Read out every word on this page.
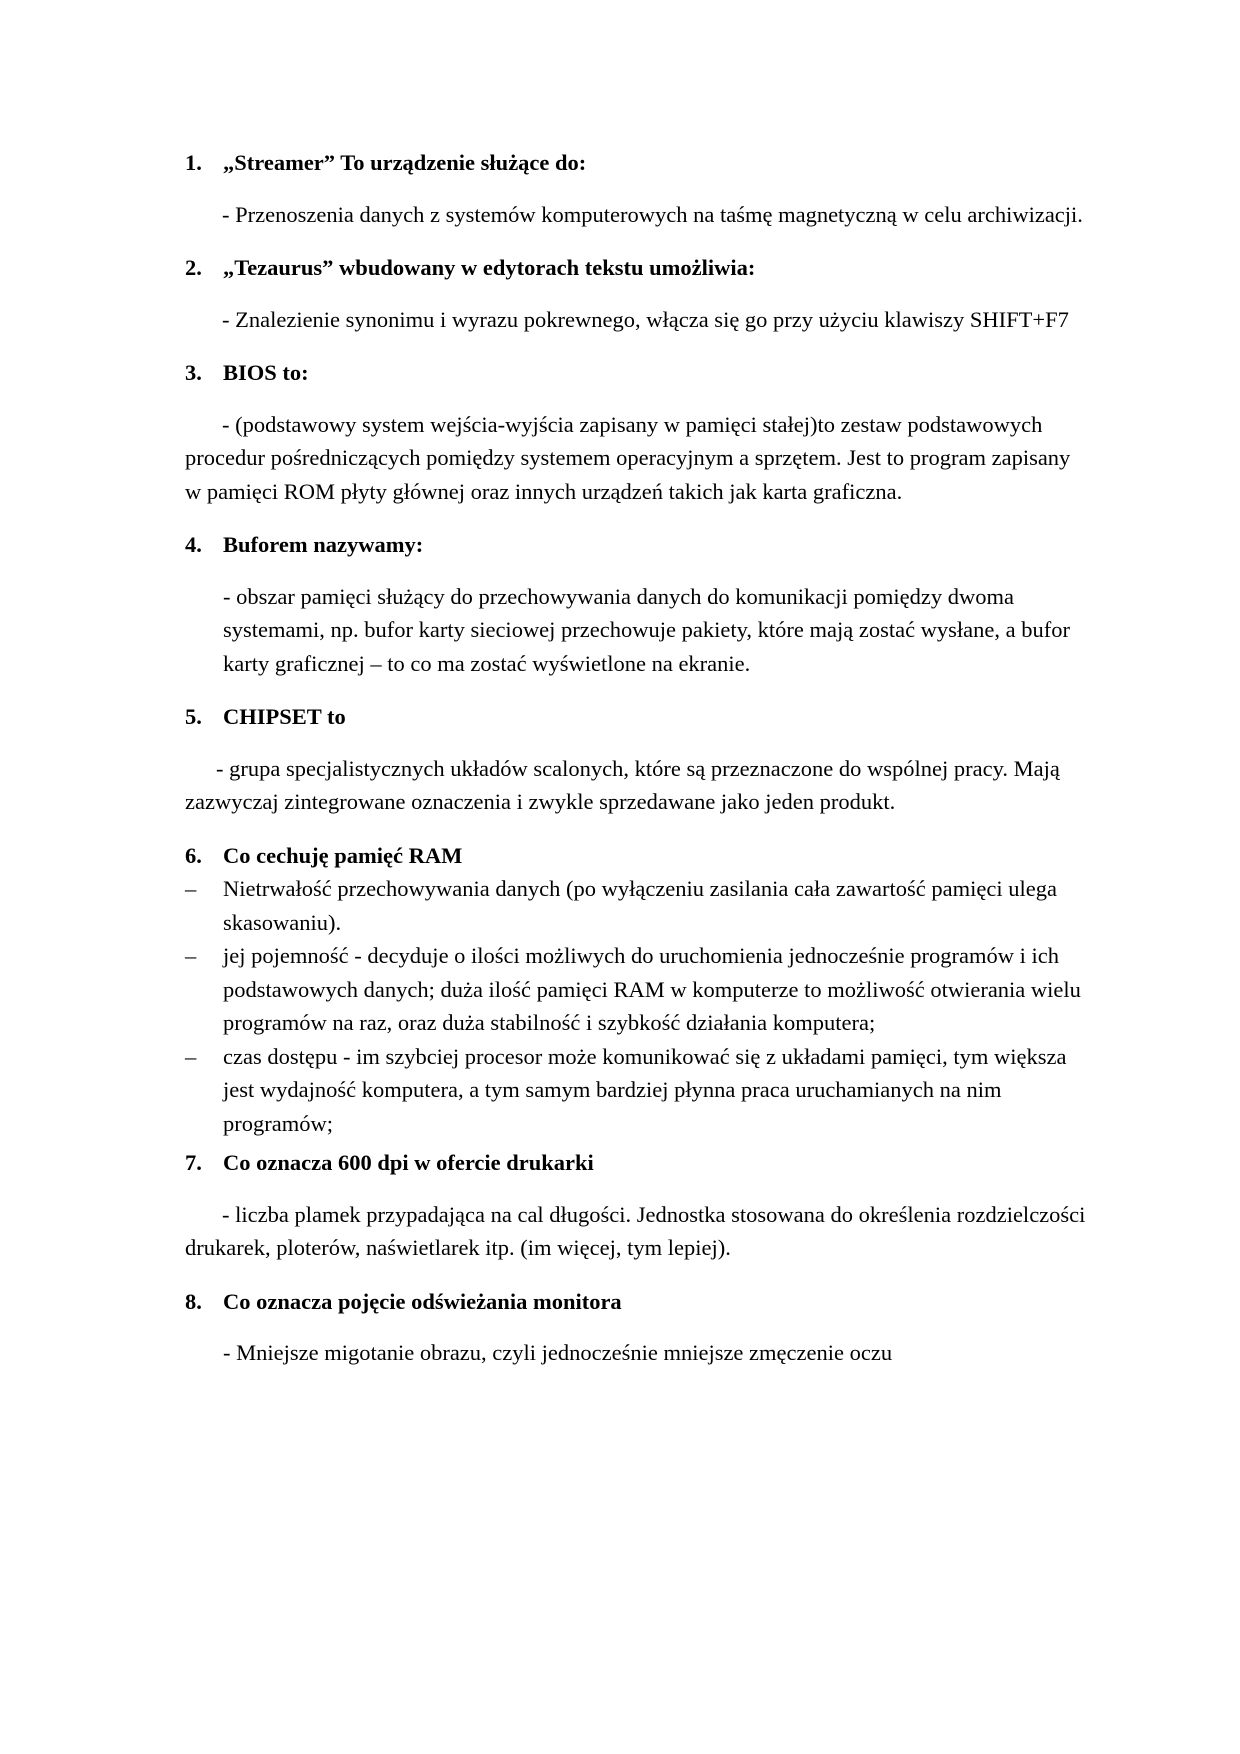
1. „Streamer” To urządzenie służące do:

- Przenoszenia danych z systemów komputerowych na taśmę magnetyczną w celu archiwizacji.

2. „Tezaurus” wbudowany w edytorach tekstu umożliwia:

- Znalezienie synonimu i wyrazu pokrewnego, włącza się go przy użyciu klawiszy SHIFT+F7

3. BIOS to:

- (podstawowy system wejścia-wyjścia zapisany w pamięci stałej)to zestaw podstawowych procedur pośredniczących pomiędzy systemem operacyjnym a sprzętem. Jest to program zapisany w pamięci ROM płyty głównej oraz innych urządzeń takich jak karta graficzna.

4. Buforem nazywamy:

- obszar pamięci służący do przechowywania danych do komunikacji pomiędzy dwoma systemami, np. bufor karty sieciowej przechowuje pakiety, które mają zostać wysłane, a bufor karty graficznej – to co ma zostać wyświetlone na ekranie.

5. CHIPSET to

- grupa specjalistycznych układów scalonych, które są przeznaczone do wspólnej pracy. Mają zazwyczaj zintegrowane oznaczenia i zwykle sprzedawane jako jeden produkt.

6. Co cechuję pamięć RAM
–	Nietrwałość przechowywania danych (po wyłączeniu zasilania cała zawartość pamięci ulega skasowaniu).
–	jej pojemność - decyduje o ilości możliwych do uruchomienia jednocześnie programów i ich podstawowych danych; duża ilość pamięci RAM w komputerze to możliwość otwierania wielu programów na raz, oraz duża stabilność i szybkość działania komputera;
–	czas dostępu - im szybciej procesor może komunikować się z układami pamięci, tym większa jest wydajność komputera, a tym samym bardziej płynna praca uruchamianych na nim programów;
7. Co oznacza 600 dpi w ofercie drukarki

- liczba plamek przypadająca na cal długości. Jednostka stosowana do określenia rozdzielczości drukarek, ploterów, naświetlarek itp. (im więcej, tym lepiej).

8. Co oznacza pojęcie odświeżania monitora

- Mniejsze migotanie obrazu, czyli jednocześnie mniejsze zmęczenie oczu
